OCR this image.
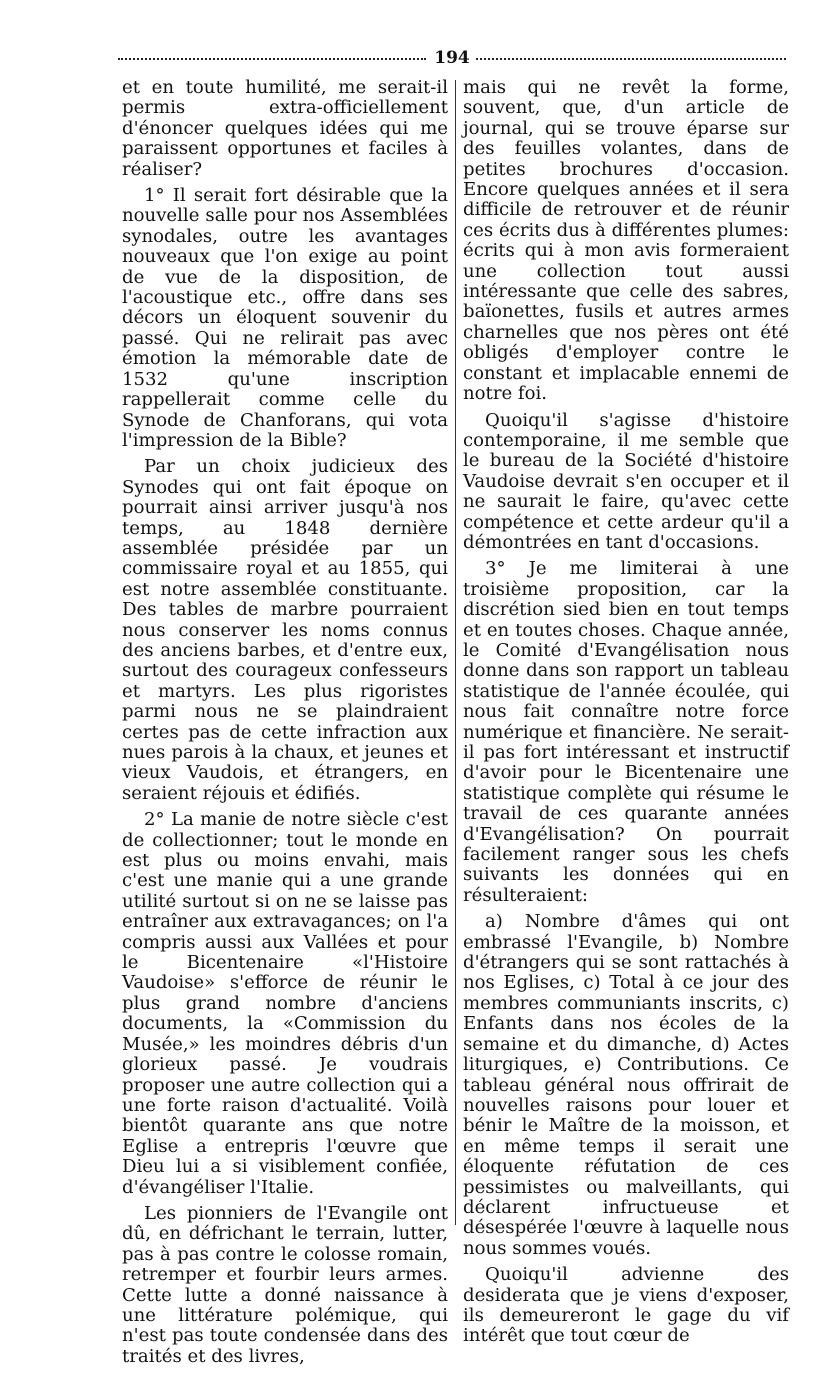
194

et en toute humilité, me serait-il permis extra-officiellement d'énoncer quelques idées qui me paraissent opportunes et faciles à réaliser?

1° Il serait fort désirable que la nouvelle salle pour nos Assemblées synodales, outre les avantages nouveaux que l'on exige au point de vue de la disposition, de l'acoustique etc., offre dans ses décors un éloquent souvenir du passé. Qui ne relirait pas avec émotion la mémorable date de 1532 qu'une inscription rappellerait comme celle du Synode de Chanforans, qui vota l'impression de la Bible?

Par un choix judicieux des Synodes qui ont fait époque on pourrait ainsi arriver jusqu'à nos temps, au 1848 dernière assemblée présidée par un commissaire royal et au 1855, qui est notre assemblée constituante. Des tables de marbre pourraient nous conserver les noms connus des anciens barbes, et d'entre eux, surtout des courageux confesseurs et martyrs. Les plus rigoristes parmi nous ne se plaindraient certes pas de cette infraction aux nues parois à la chaux, et jeunes et vieux Vaudois, et étrangers, en seraient réjouis et édifiés.

2° La manie de notre siècle c'est de collectionner; tout le monde en est plus ou moins envahi, mais c'est une manie qui a une grande utilité surtout si on ne se laisse pas entraîner aux extravagances; on l'a compris aussi aux Vallées et pour le Bicentenaire «l'Histoire Vaudoise» s'efforce de réunir le plus grand nombre d'anciens documents, la «Commission du Musée,» les moindres débris d'un glorieux passé. Je voudrais proposer une autre collection qui a une forte raison d'actualité. Voilà bientôt quarante ans que notre Eglise a entrepris l'œuvre que Dieu lui a si visiblement confiée, d'évangéliser l'Italie.

Les pionniers de l'Evangile ont dû, en défrichant le terrain, lutter, pas à pas contre le colosse romain, retremper et fourbir leurs armes. Cette lutte a donné naissance à une littérature polémique, qui n'est pas toute condensée dans des traités et des livres,

mais qui ne revêt la forme, souvent, que, d'un article de journal, qui se trouve éparse sur des feuilles volantes, dans de petites brochures d'occasion. Encore quelques années et il sera difficile de retrouver et de réunir ces écrits dus à différentes plumes: écrits qui à mon avis formeraient une collection tout aussi intéressante que celle des sabres, baïonettes, fusils et autres armes charnelles que nos pères ont été obligés d'employer contre le constant et implacable ennemi de notre foi.

Quoiqu'il s'agisse d'histoire contemporaine, il me semble que le bureau de la Société d'histoire Vaudoise devrait s'en occuper et il ne saurait le faire, qu'avec cette compétence et cette ardeur qu'il a démontrées en tant d'occasions.

3° Je me limiterai à une troisième proposition, car la discrétion sied bien en tout temps et en toutes choses. Chaque année, le Comité d'Evangélisation nous donne dans son rapport un tableau statistique de l'année écoulée, qui nous fait connaître notre force numérique et financière. Ne serait-il pas fort intéressant et instructif d'avoir pour le Bicentenaire une statistique complète qui résume le travail de ces quarante années d'Evangélisation? On pourrait facilement ranger sous les chefs suivants les données qui en résulteraient:

a) Nombre d'âmes qui ont embrassé l'Evangile, b) Nombre d'étrangers qui se sont rattachés à nos Eglises, c) Total à ce jour des membres communiants inscrits, c) Enfants dans nos écoles de la semaine et du dimanche, d) Actes liturgiques, e) Contributions. Ce tableau général nous offrirait de nouvelles raisons pour louer et bénir le Maître de la moisson, et en même temps il serait une éloquente réfutation de ces pessimistes ou malveillants, qui déclarent infructueuse et désespérée l'œuvre à laquelle nous nous sommes voués.

Quoiqu'il advienne des desiderata que je viens d'exposer, ils demeureront le gage du vif intérêt que tout cœur de
